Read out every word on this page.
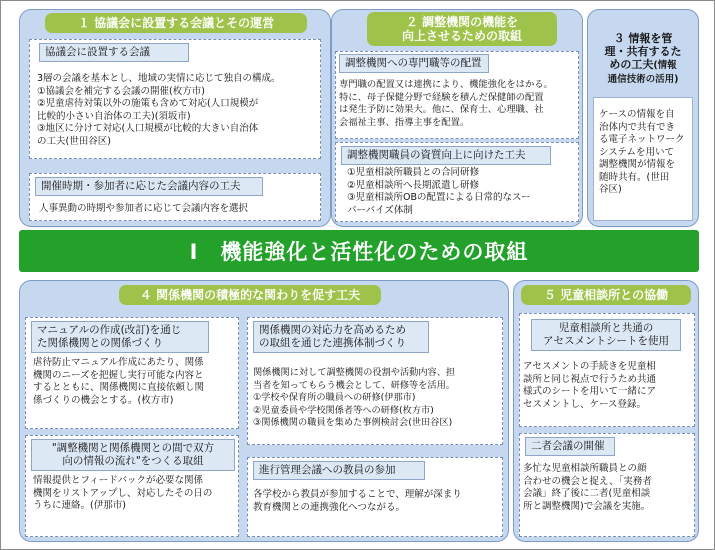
１ 協議会に設置する会議とその運営
協議会に設置する会議
3層の会議を基本とし、地域の実情に応じて独自の構成。
①協議会を補完する会議の開催(枚方市)
②児童虐待対策以外の施策も含めて対応(人口規模が
比較的小さい自治体の工夫)(須坂市)
③地区に分けて対応(人口規模が比較的大きい自治体
の工夫(世田谷区)
開催時期・参加者に応じた会議内容の工夫
人事異動の時期や参加者に応じて会議内容を選択
２ 調整機関の機能を
向上させるための取組
調整機関への専門職等の配置
専門職の配置又は連携により、機能強化をはかる。
特に、母子保健分野で経験を積んだ保健師の配置
は発生予防に効果大。他に、保育士、心理職、社
会福祉主事、指導主事を配置。
調整機関職員の資質向上に向けた工夫
①児童相談所職員との合同研修
②児童相談所へ長期派遣し研修
③児童相談所OBの配置による日常的なスー
パーバイズ体制

３ 情報を管
理・共有するた
めの工夫(情報
通信技術の活用)

ケースの情報を自
治体内で共有でき
る電子ネットワーク
システムを用いて
調整機関が情報を
随時共有。(世田
谷区)
Ⅰ　機能強化と活性化のための取組
４ 関係機関の積極的な関わりを促す工夫
マニュアルの作成(改訂)を通じ
た関係機関との関係づくり
虐待防止マニュアル作成にあたり、関係
機関のニーズを把握し実行可能な内容と
するとともに、関係機関に直接依頼し関
係づくりの機会とする。(枚方市)
"調整機関と関係機関との間で双方
向の情報の流れ"をつくる取組
情報提供とフィードバックが必要な関係
機関をリストアップし、対応したその日の
うちに連絡。(伊那市)
関係機関の対応力を高めるため
の取組を通じた連携体制づくり
関係機関に対して調整機関の役割や活動内容、担
当者を知ってもらう機会として、研修等を活用。
①学校や保育所の職員への研修(伊那市)
②児童委員や学校関係者等への研修(枚方市)
③関係機関の職員を集めた事例検討会(世田谷区)
進行管理会議への教員の参加
各学校から教員が参加することで、理解が深まり
教育機関との連携強化へつながる。
５ 児童相談所との協働
児童相談所と共通の
アセスメントシートを使用
アセスメントの手続きを児童相
談所と同じ視点で行うため共通
様式のシートを用いて一緒にア
セスメントし、ケース登録。
二者会議の開催
多忙な児童相談所職員との顔
合わせの機会と捉え、「実務者
会議」終了後に二者(児童相談
所と調整機関)で会議を実施。
